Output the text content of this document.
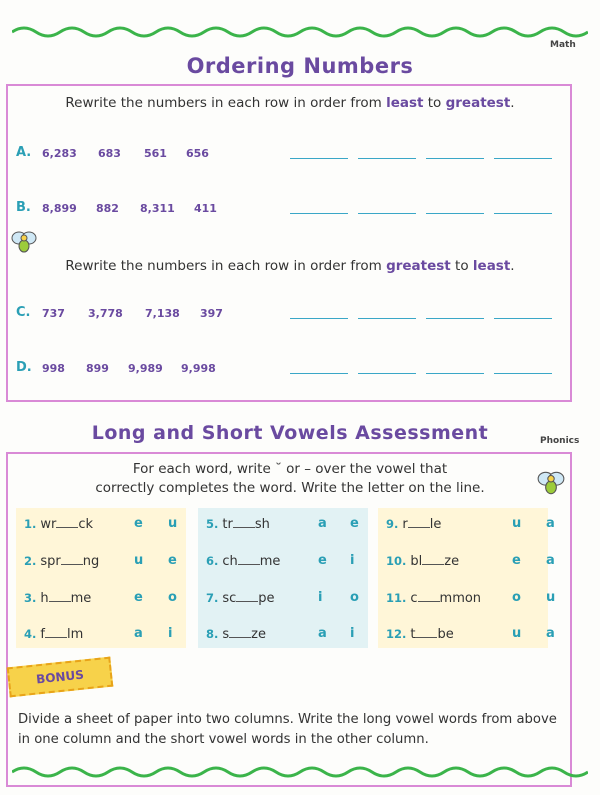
Math
Ordering Numbers
Rewrite the numbers in each row in order from least to greatest.
A. 6,283 683 561 656
B. 8,899 882 8,311 411
Rewrite the numbers in each row in order from greatest to least.
C. 737 3,778 7,138 397
D. 998 899 9,989 9,998
Long and Short Vowels Assessment	Phonics
For each word, write ˘ or – over the vowel that
correctly completes the word. Write the letter on the line.
1. wr ck	e u
2. spr ng	u e
3. h me	e o
4. f lm	a i
5. tr sh	a e
6. ch me	e i
7. sc pe	i o
8. s ze	a i
9. r le	u a
10. bl ze	e a
11. c mmon o u
12. t be	u a
BONUS
Divide a sheet of paper into two columns. Write the long vowel words from above in one column and the short vowel words in the other column.
